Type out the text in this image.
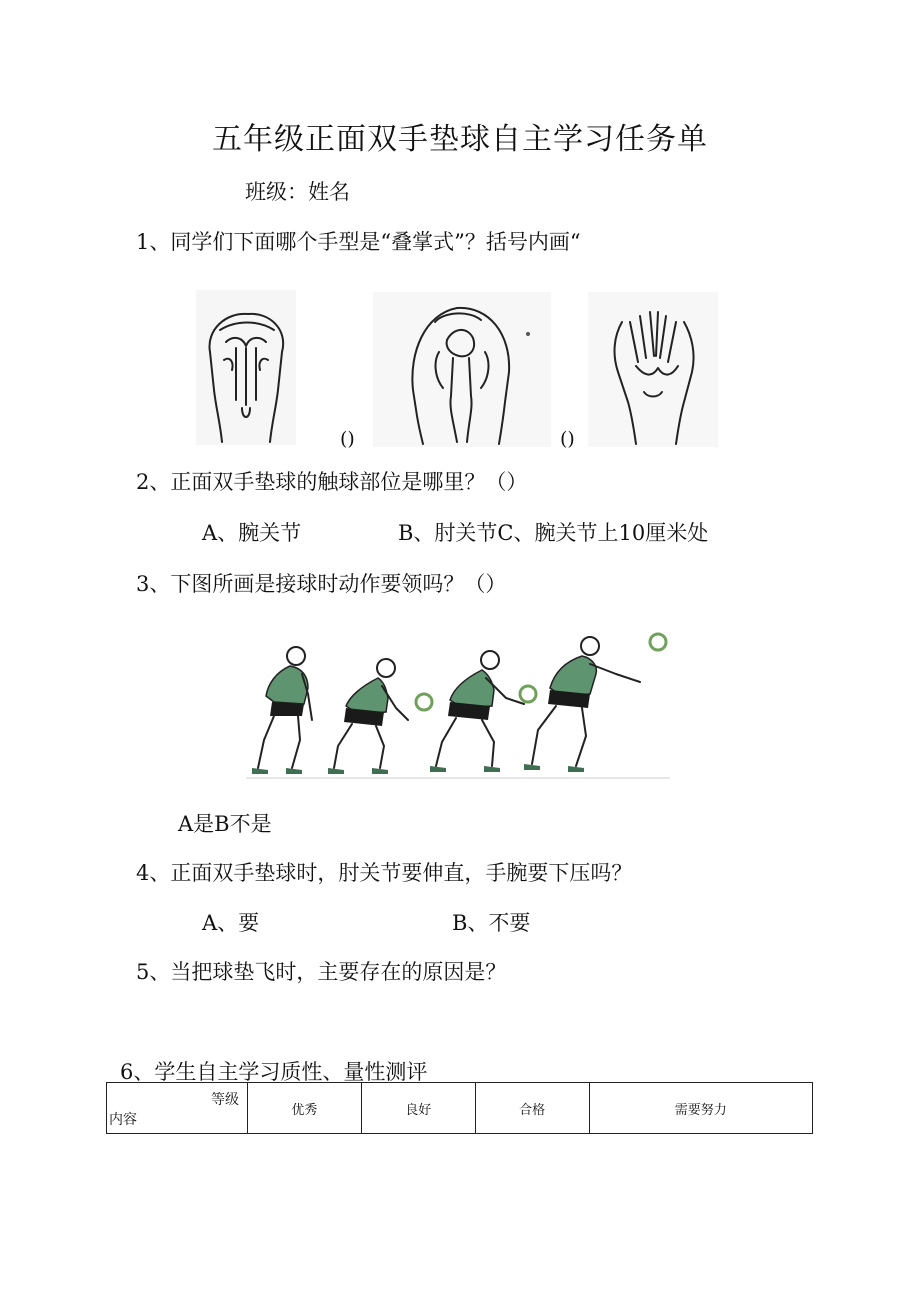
五年级正面双手垫球自主学习任务单
班级：姓名
1、同学们下面哪个手型是“叠掌式”？括号内画“
()	()
2、正面双手垫球的触球部位是哪里？（）
A、腕关节	B、肘关节C、腕关节上10厘米处
3、下图所画是接球时动作要领吗？（）
A是B不是
4、正面双手垫球时，肘关节要伸直，手腕要下压吗？
A、要	B、不要
5、当把球垫飞时，主要存在的原因是？
6、学生自主学习质性、量性测评
等级
内容
	优秀	良好	合格	需要努力
